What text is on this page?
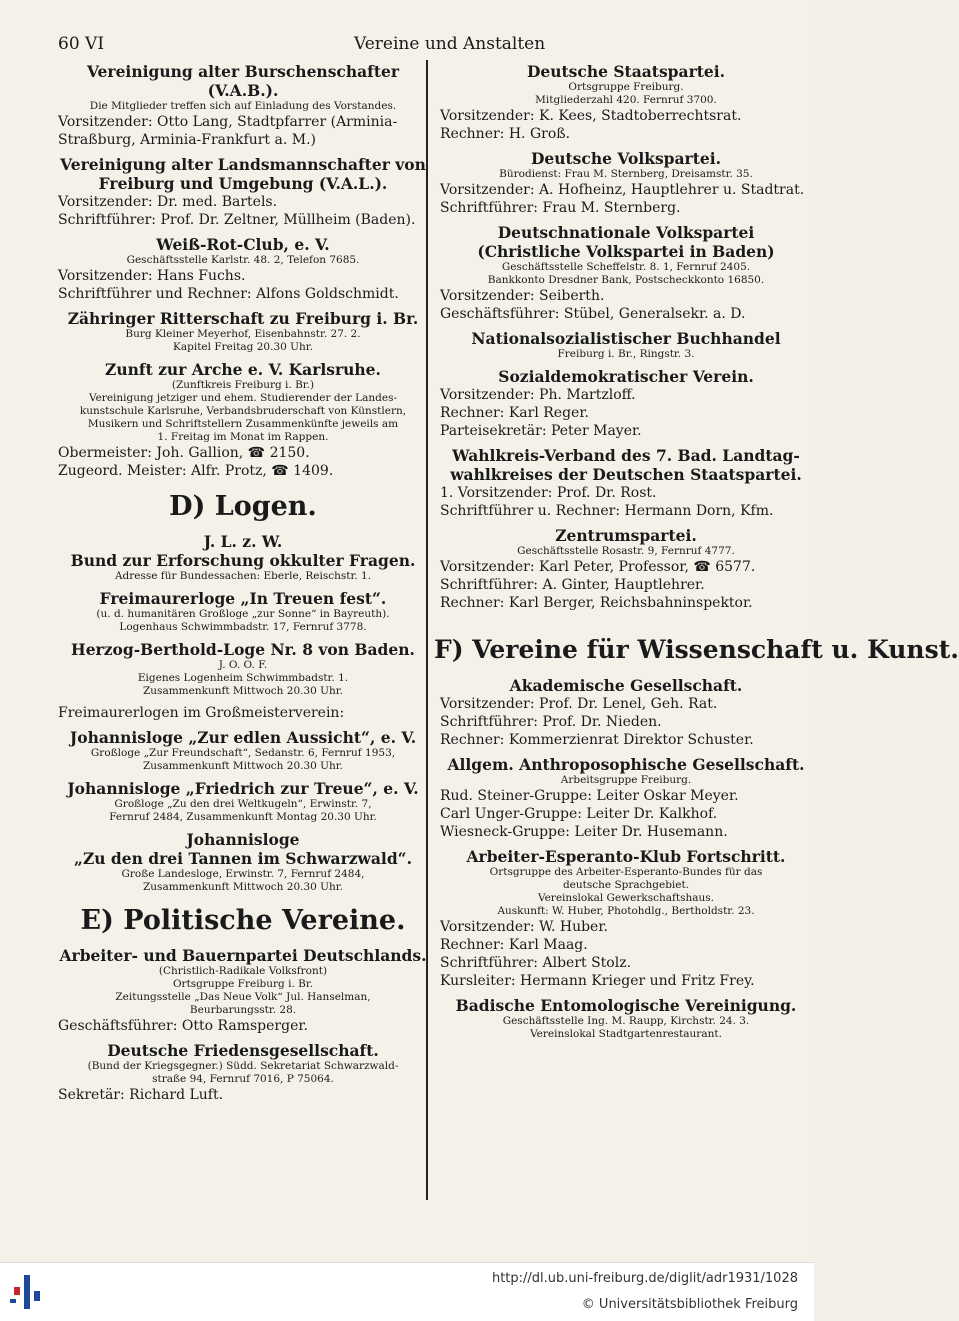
60 VI	Vereine und Anstalten
Vereinigung alter Burschenschafter (V.A.B.).
Die Mitglieder treffen sich auf Einladung des Vorstandes.
Vorsitzender: Otto Lang, Stadtpfarrer (Arminia-
Straßburg, Arminia-Frankfurt a. M.)
Vereinigung alter Landsmannschafter von
Freiburg und Umgebung (V.A.L.).
Vorsitzender: Dr. med. Bartels.
Schriftführer: Prof. Dr. Zeltner, Müllheim (Baden).
Weiß-Rot-Club, e. V.
Geschäftsstelle Karlstr. 48. 2, Telefon 7685.
Vorsitzender: Hans Fuchs.
Schriftführer und Rechner: Alfons Goldschmidt.
Zähringer Ritterschaft zu Freiburg i. Br.
Burg Kleiner Meyerhof, Eisenbahnstr. 27. 2.
Kapitel Freitag 20.30 Uhr.
Zunft zur Arche e. V. Karlsruhe.
(Zunftkreis Freiburg i. Br.)
Vereinigung jetziger und ehem. Studierender der Landes-
kunstschule Karlsruhe, Verbandsbruderschaft von Künstlern,
Musikern und Schriftstellern Zusammenkünfte jeweils am
1. Freitag im Monat im Rappen.
Obermeister: Joh. Gallion, ☎ 2150.
Zugeord. Meister: Alfr. Protz, ☎ 1409.
D) Logen.
J. L. z. W.
Bund zur Erforschung okkulter Fragen.
Adresse für Bundessachen: Eberle, Reischstr. 1.
Freimaurerloge „In Treuen fest“.
(u. d. humanitären Großloge „zur Sonne“ in Bayreuth).
Logenhaus Schwimmbadstr. 17, Fernruf 3778.
Herzog-Berthold-Loge Nr. 8 von Baden.
J. O. O. F.
Eigenes Logenheim Schwimmbadstr. 1.
Zusammenkunft Mittwoch 20.30 Uhr.
Freimaurerlogen im Großmeisterverein:
Johannisloge „Zur edlen Aussicht“, e. V.
Großloge „Zur Freundschaft“, Sedanstr. 6, Fernruf 1953,
Zusammenkunft Mittwoch 20.30 Uhr.
Johannisloge „Friedrich zur Treue“, e. V.
Großloge „Zu den drei Weltkugeln“, Erwinstr. 7,
Fernruf 2484, Zusammenkunft Montag 20.30 Uhr.
Johannisloge
„Zu den drei Tannen im Schwarzwald“.
Große Landesloge, Erwinstr. 7, Fernruf 2484,
Zusammenkunft Mittwoch 20.30 Uhr.
E) Politische Vereine.
Arbeiter- und Bauernpartei Deutschlands.
(Christlich-Radikale Volksfront)
Ortsgruppe Freiburg i. Br.
Zeitungsstelle „Das Neue Volk“ Jul. Hanselman,
Beurbarungsstr. 28.
Geschäftsführer: Otto Ramsperger.
Deutsche Friedensgesellschaft.
(Bund der Kriegsgegner.) Südd. Sekretariat Schwarzwald-
straße 94, Fernruf 7016, P 75064.
Sekretär: Richard Luft.
Deutsche Staatspartei.
Ortsgruppe Freiburg.
Mitgliederzahl 420. Fernruf 3700.
Vorsitzender: K. Kees, Stadtoberrechtsrat.
Rechner: H. Groß.
Deutsche Volkspartei.
Bürodienst: Frau M. Sternberg, Dreisamstr. 35.
Vorsitzender: A. Hofheinz, Hauptlehrer u. Stadtrat.
Schriftführer: Frau M. Sternberg.
Deutschnationale Volkspartei
(Christliche Volkspartei in Baden)
Geschäftsstelle Scheffelstr. 8. 1, Fernruf 2405.
Bankkonto Dresdner Bank, Postscheckkonto 16850.
Vorsitzender: Seiberth.
Geschäftsführer: Stübel, Generalsekr. a. D.
Nationalsozialistischer Buchhandel
Freiburg i. Br., Ringstr. 3.
Sozialdemokratischer Verein.
Vorsitzender: Ph. Martzloff.
Rechner: Karl Reger.
Parteisekretär: Peter Mayer.
Wahlkreis-Verband des 7. Bad. Landtag-
wahlkreises der Deutschen Staatspartei.
1. Vorsitzender: Prof. Dr. Rost.
Schriftführer u. Rechner: Hermann Dorn, Kfm.
Zentrumspartei.
Geschäftsstelle Rosastr. 9, Fernruf 4777.
Vorsitzender: Karl Peter, Professor, ☎ 6577.
Schriftführer: A. Ginter, Hauptlehrer.
Rechner: Karl Berger, Reichsbahninspektor.
F) Vereine für Wissenschaft u. Kunst.
Akademische Gesellschaft.
Vorsitzender: Prof. Dr. Lenel, Geh. Rat.
Schriftführer: Prof. Dr. Nieden.
Rechner: Kommerzienrat Direktor Schuster.
Allgem. Anthroposophische Gesellschaft.
Arbeitsgruppe Freiburg.
Rud. Steiner-Gruppe: Leiter Oskar Meyer.
Carl Unger-Gruppe: Leiter Dr. Kalkhof.
Wiesneck-Gruppe: Leiter Dr. Husemann.
Arbeiter-Esperanto-Klub Fortschritt.
Ortsgruppe des Arbeiter-Esperanto-Bundes für das
deutsche Sprachgebiet.
Vereinslokal Gewerkschaftshaus.
Auskunft: W. Huber, Photohdlg., Bertholdstr. 23.
Vorsitzender: W. Huber.
Rechner: Karl Maag.
Schriftführer: Albert Stolz.
Kursleiter: Hermann Krieger und Fritz Frey.
Badische Entomologische Vereinigung.
Geschäftsstelle Ing. M. Raupp, Kirchstr. 24. 3.
Vereinslokal Stadtgartenrestaurant.
http://dl.ub.uni-freiburg.de/diglit/adr1931/1028
© Universitätsbibliothek Freiburg
